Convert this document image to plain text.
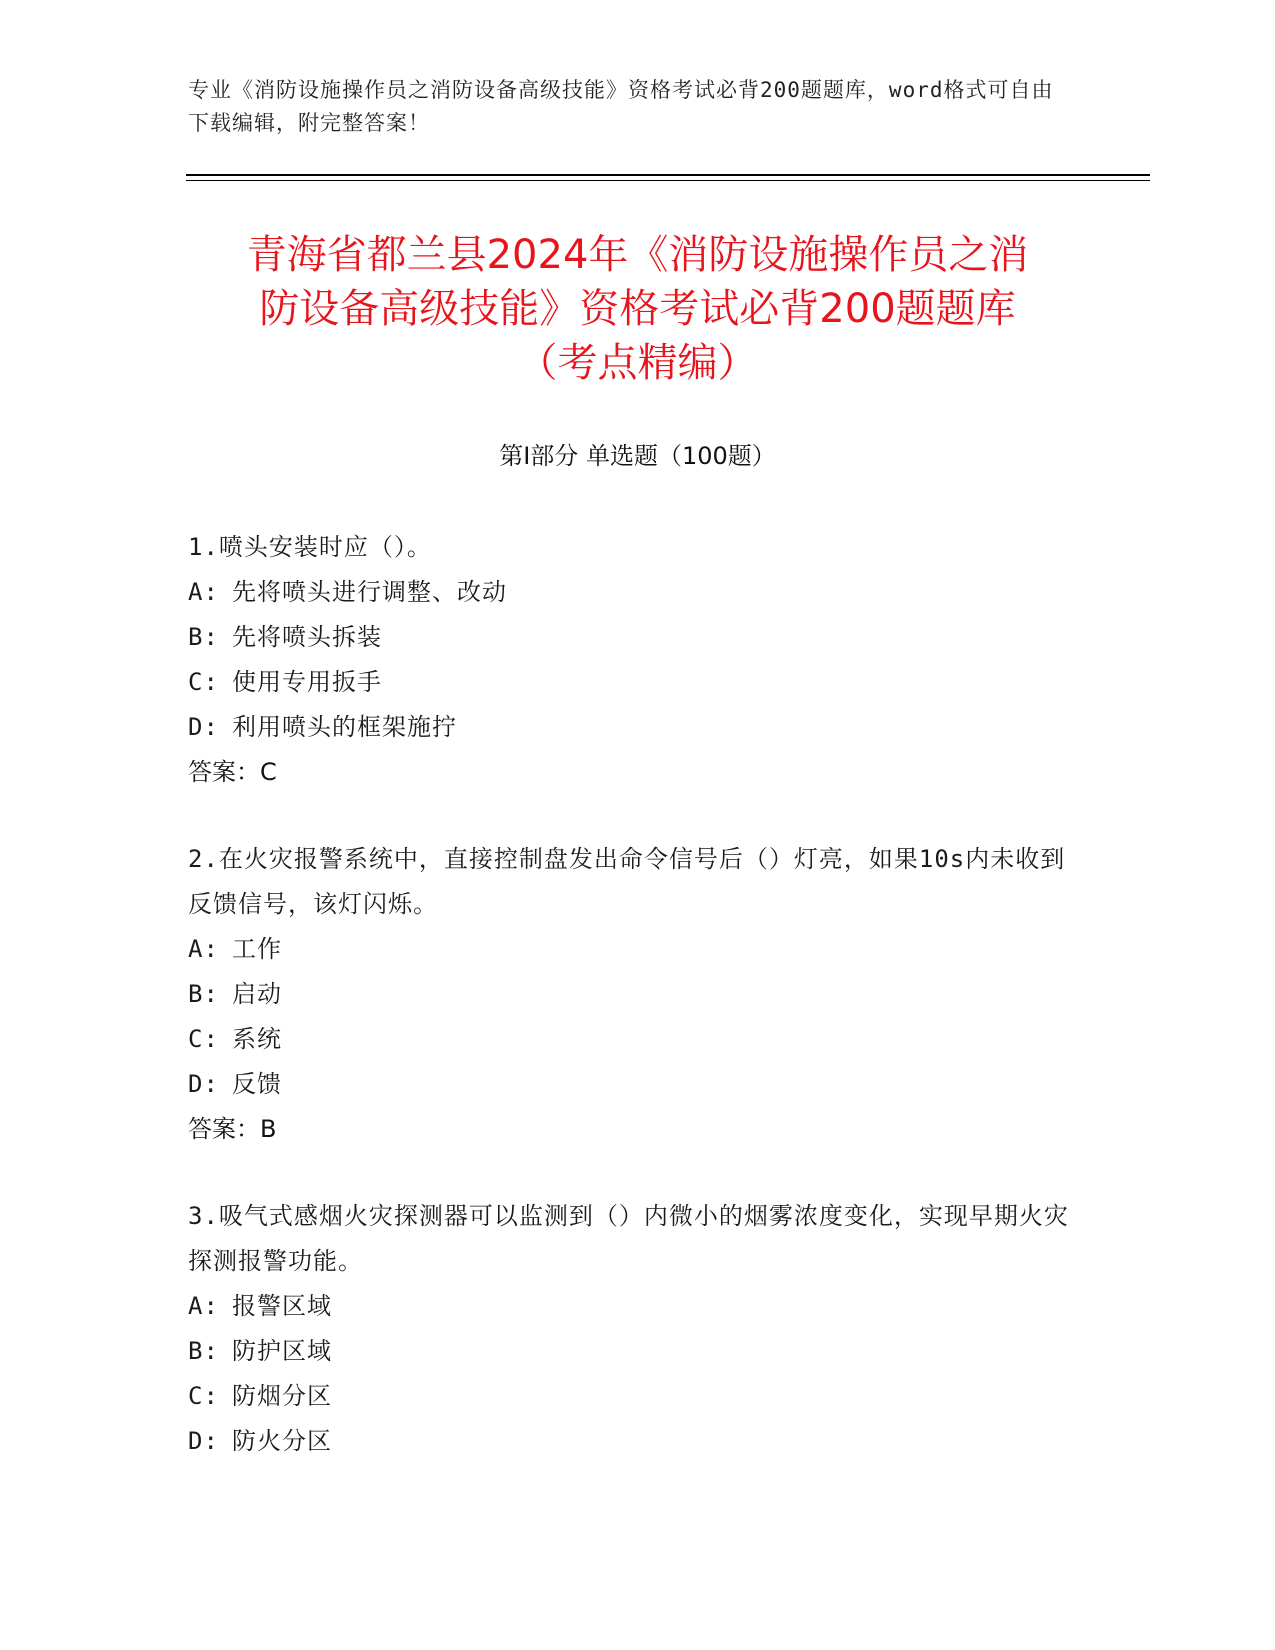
专业《消防设施操作员之消防设备高级技能》资格考试必背200题题库，word格式可自由下载编辑，附完整答案！
青海省都兰县2024年《消防设施操作员之消
防设备高级技能》资格考试必背200题题库
（考点精编）
第Ⅰ部分 单选题（100题）
1.喷头安装时应（）。
A: 先将喷头进行调整、改动
B: 先将喷头拆装
C: 使用专用扳手
D: 利用喷头的框架施拧
答案：C
2.在火灾报警系统中，直接控制盘发出命令信号后（）灯亮，如果10s内未收到反馈信号，该灯闪烁。
A: 工作
B: 启动
C: 系统
D: 反馈
答案：B
3.吸气式感烟火灾探测器可以监测到（）内微小的烟雾浓度变化，实现早期火灾探测报警功能。
A: 报警区域
B: 防护区域
C: 防烟分区
D: 防火分区
